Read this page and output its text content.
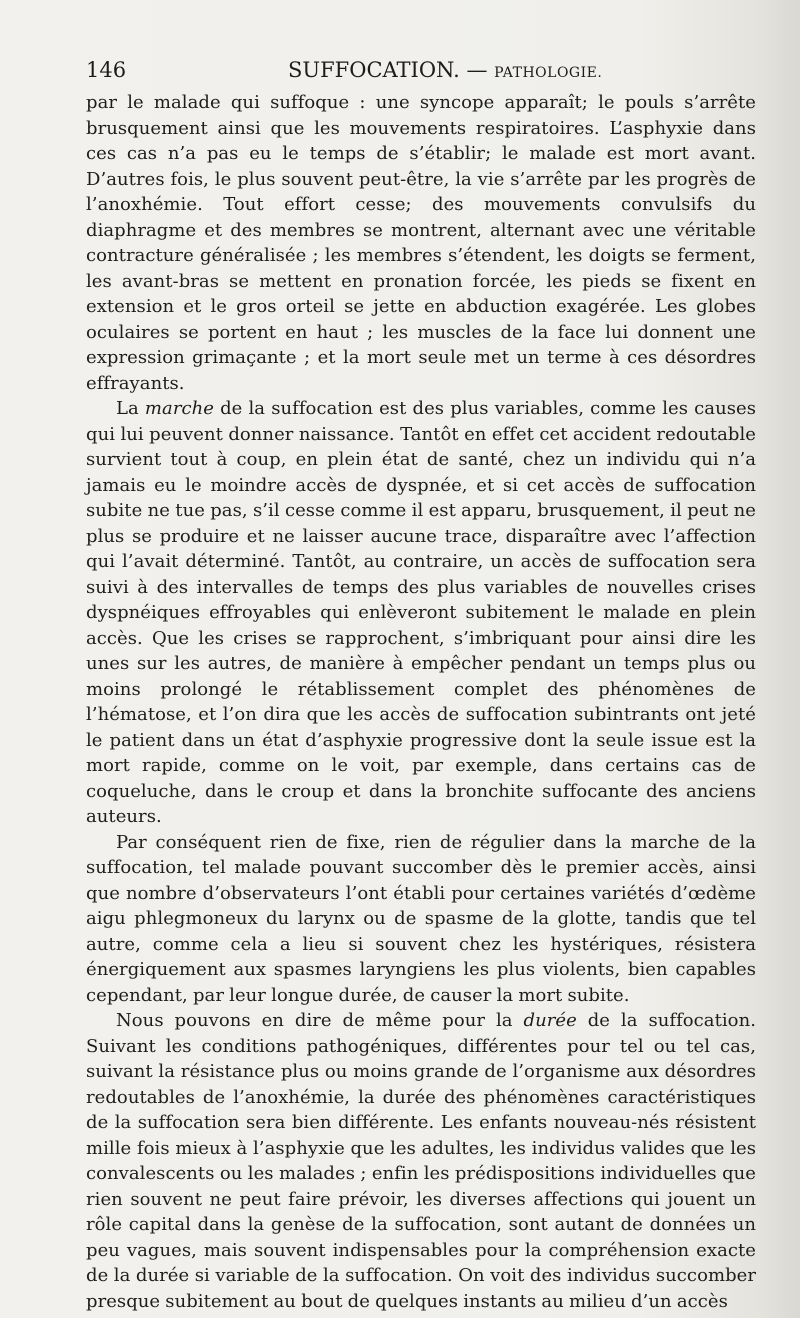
146	SUFFOCATION. — PATHOLOGIE.

par le malade qui suffoque : une syncope apparaît; le pouls s’arrête brusquement ainsi que les mouvements respiratoires. L’asphyxie dans ces cas n’a pas eu le temps de s’établir; le malade est mort avant. D’autres fois, le plus souvent peut-être, la vie s’arrête par les progrès de l’anoxhémie. Tout effort cesse; des mouvements convulsifs du diaphragme et des membres se montrent, alternant avec une véritable contracture généralisée ; les membres s’étendent, les doigts se ferment, les avant-bras se mettent en pronation forcée, les pieds se fixent en extension et le gros orteil se jette en abduction exagérée. Les globes oculaires se portent en haut ; les muscles de la face lui donnent une expression grimaçante ; et la mort seule met un terme à ces désordres effrayants.

La marche de la suffocation est des plus variables, comme les causes qui lui peuvent donner naissance. Tantôt en effet cet accident redoutable survient tout à coup, en plein état de santé, chez un individu qui n’a jamais eu le moindre accès de dyspnée, et si cet accès de suffocation subite ne tue pas, s’il cesse comme il est apparu, brusquement, il peut ne plus se produire et ne laisser aucune trace, disparaître avec l’affection qui l’avait déterminé. Tantôt, au contraire, un accès de suffocation sera suivi à des intervalles de temps des plus variables de nouvelles crises dyspnéiques effroyables qui enlèveront subitement le malade en plein accès. Que les crises se rapprochent, s’imbriquant pour ainsi dire les unes sur les autres, de manière à empêcher pendant un temps plus ou moins prolongé le rétablissement complet des phénomènes de l’hématose, et l’on dira que les accès de suffocation subintrants ont jeté le patient dans un état d’asphyxie progressive dont la seule issue est la mort rapide, comme on le voit, par exemple, dans certains cas de coqueluche, dans le croup et dans la bronchite suffocante des anciens auteurs.

Par conséquent rien de fixe, rien de régulier dans la marche de la suffocation, tel malade pouvant succomber dès le premier accès, ainsi que nombre d’observateurs l’ont établi pour certaines variétés d’œdème aigu phlegmoneux du larynx ou de spasme de la glotte, tandis que tel autre, comme cela a lieu si souvent chez les hystériques, résistera énergiquement aux spasmes laryngiens les plus violents, bien capables cependant, par leur longue durée, de causer la mort subite.

Nous pouvons en dire de même pour la durée de la suffocation. Suivant les conditions pathogéniques, différentes pour tel ou tel cas, suivant la résistance plus ou moins grande de l’organisme aux désordres redoutables de l’anoxhémie, la durée des phénomènes caractéristiques de la suffocation sera bien différente. Les enfants nouveau-nés résistent mille fois mieux à l’asphyxie que les adultes, les individus valides que les convalescents ou les malades ; enfin les prédispositions individuelles que rien souvent ne peut faire prévoir, les diverses affections qui jouent un rôle capital dans la genèse de la suffocation, sont autant de données un peu vagues, mais souvent indispensables pour la compréhension exacte de la durée si variable de la suffocation. On voit des individus succomber presque subitement au bout de quelques instants au milieu d’un accès
